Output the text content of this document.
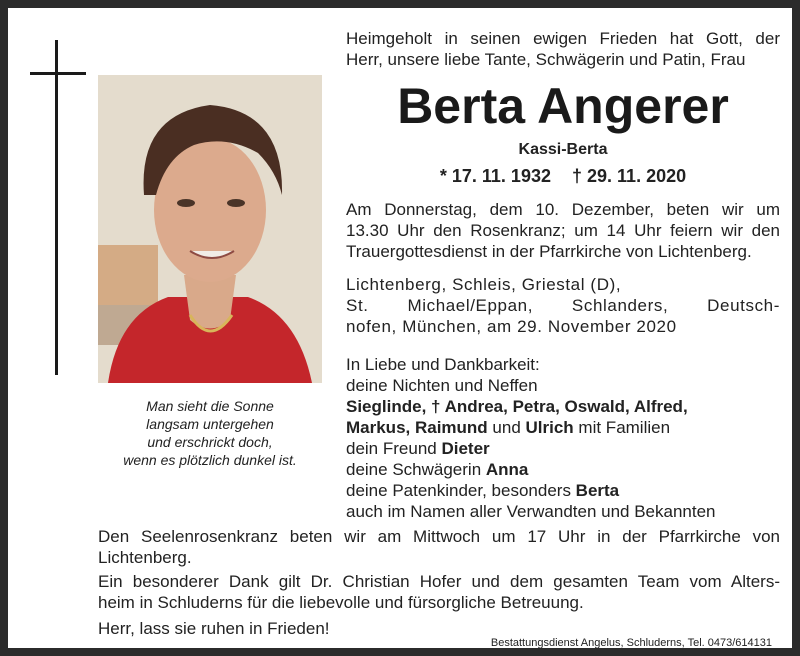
Man sieht die Sonne
langsam untergehen
und erschrickt doch,
wenn es plötzlich dunkel ist.
Heimgeholt in seinen ewigen Frieden hat Gott, der
Herr, unsere liebe Tante, Schwägerin und Patin, Frau
Berta Angerer
Kassi-Berta
* 17. 11. 1932 † 29. 11. 2020
Am Donnerstag, dem 10. Dezember, beten wir um
13.30 Uhr den Rosenkranz; um 14 Uhr feiern wir den
Trauergottesdienst in der Pfarrkirche von Lichtenberg.
Lichtenberg, Schleis, Griestal (D),
St. Michael/Eppan, Schlanders, Deutsch-
nofen, München, am 29. November 2020
In Liebe und Dankbarkeit:
deine Nichten und Neffen
Sieglinde, † Andrea, Petra, Oswald, Alfred,
Markus, Raimund und Ulrich mit Familien
dein Freund Dieter
deine Schwägerin Anna
deine Patenkinder, besonders Berta
auch im Namen aller Verwandten und Bekannten
Den Seelenrosenkranz beten wir am Mittwoch um 17 Uhr in der Pfarrkirche von
Lichtenberg.
Ein besonderer Dank gilt Dr. Christian Hofer und dem gesamten Team vom Alters-
heim in Schluderns für die liebevolle und fürsorgliche Betreuung.
Herr, lass sie ruhen in Frieden!
Bestattungsdienst Angelus, Schluderns, Tel. 0473/614131
